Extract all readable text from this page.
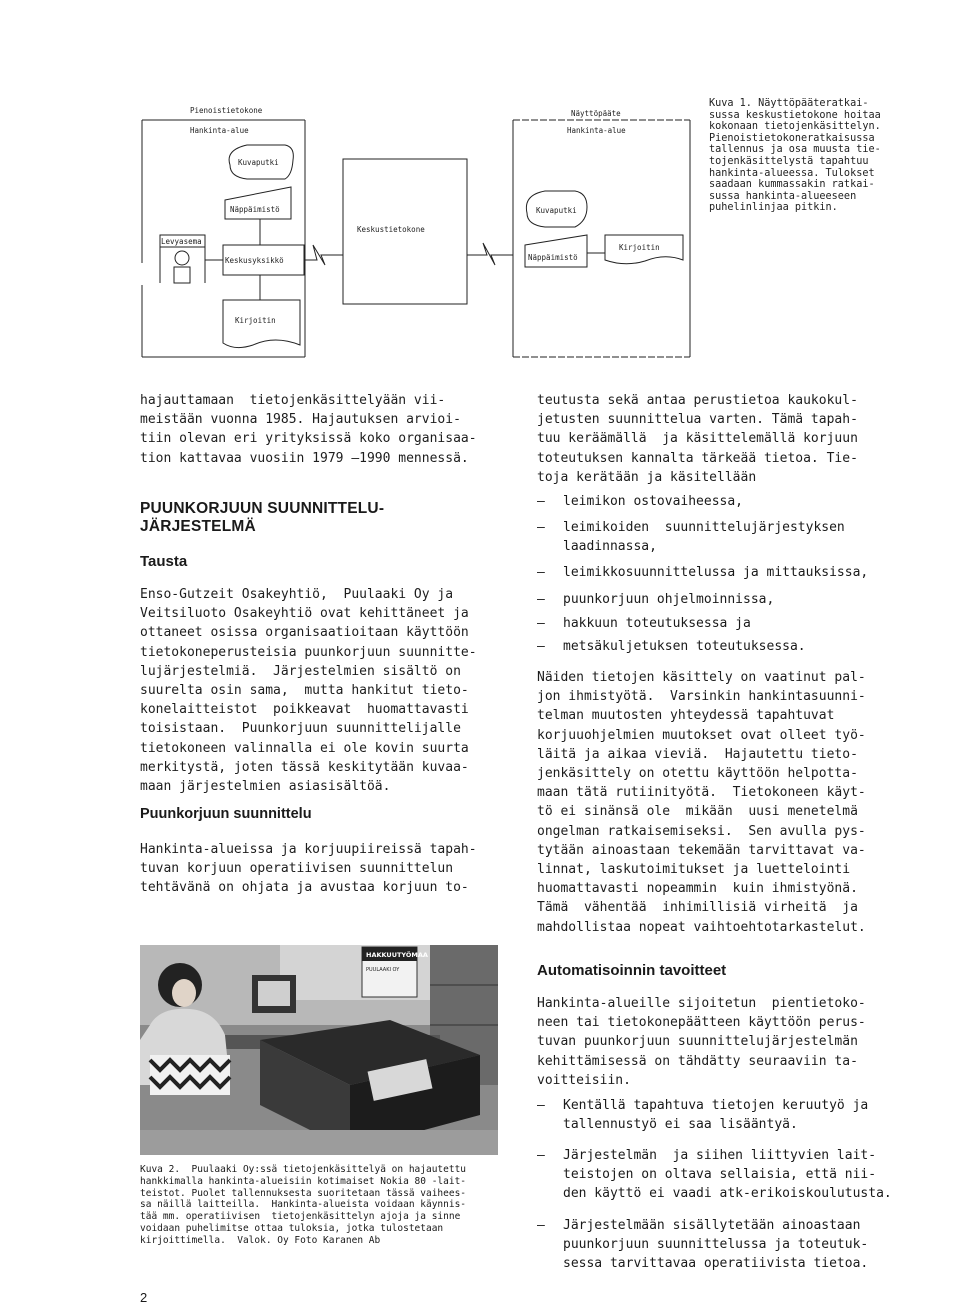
Pienoistietokone
Hankinta-alue
Kuvaputki
Näppäimistö
Levyasema
Keskusyksikkö
Kirjoitin
Keskustietokone
Näyttöpääte
Hankinta-alue
Kuvaputki
Näppäimistö
Kirjoitin
Kuva 1. Näyttöpääteratkai-
sussa keskustietokone hoitaa
kokonaan tietojenkäsittelyn.
Pienoistietokoneratkaisussa
tallennus ja osa muusta tie-
tojenkäsittelystä tapahtuu
hankinta-alueessa. Tulokset
saadaan kummassakin ratkai-
sussa hankinta-alueeseen
puhelinlinjaa pitkin.
hajauttamaan  tietojenkäsittelyään vii-
meistään vuonna 1985. Hajautuksen arvioi-
tiin olevan eri yrityksissä koko organisaa-
tion kattavaa vuosiin 1979 —1990 mennessä.
PUUNKORJUUN SUUNNITTELU-
JÄRJESTELMÄ
Tausta
Enso-Gutzeit Osakeyhtiö,  Puulaaki Oy ja
Veitsiluoto Osakeyhtiö ovat kehittäneet ja
ottaneet osissa organisaatioitaan käyttöön
tietokoneperusteisia puunkorjuun suunnitte-
lujärjestelmiä.  Järjestelmien sisältö on
suurelta osin sama,  mutta hankitut tieto-
konelaitteistot  poikkeavat  huomattavasti
toisistaan.  Puunkorjuun suunnittelijalle
tietokoneen valinnalla ei ole kovin suurta
merkitystä, joten tässä keskitytään kuvaa-
maan järjestelmien asiasisältöä.
Puunkorjuun suunnittelu
Hankinta-alueissa ja korjuupiireissä tapah-
tuvan korjuun operatiivisen suunnittelun
tehtävänä on ohjata ja avustaa korjuun to-
HAKKUUTYÖMAA
PUULAAKI OY
Kuva 2.  Puulaaki Oy:ssä tietojenkäsittelyä on hajautettu
hankkimalla hankinta-alueisiin kotimaiset Nokia 80 -lait-
teistot. Puolet tallennuksesta suoritetaan tässä vaihees-
sa näillä laitteilla.  Hankinta-alueista voidaan käynnis-
tää mm. operatiivisen  tietojenkäsittelyn ajoja ja sinne
voidaan puhelimitse ottaa tuloksia, jotka tulostetaan
kirjoittimella.  Valok. Oy Foto Karanen Ab
teutusta sekä antaa perustietoa kaukokul-
jetusten suunnittelua varten. Tämä tapah-
tuu keräämällä  ja käsittelemällä korjuun
toteutuksen kannalta tärkeää tietoa. Tie-
toja kerätään ja käsitellään

—

leimikon ostovaiheessa,

—

leimikoiden  suunnittelujärjestyksen
laadinnassa,

—

leimikkosuunnittelussa ja mittauksissa,

—

puunkorjuun ohjelmoinnissa,

—

hakkuun toteutuksessa ja

—

metsäkuljetuksen toteutuksessa.

Näiden tietojen käsittely on vaatinut pal-
jon ihmistyötä.  Varsinkin hankintasuunni-
telman muutosten yhteydessä tapahtuvat
korjuuohjelmien muutokset ovat olleet työ-
läitä ja aikaa vieviä.  Hajautettu tieto-
jenkäsittely on otettu käyttöön helpotta-
maan tätä rutiinityötä.  Tietokoneen käyt-
tö ei sinänsä ole  mikään  uusi menetelmä
ongelman ratkaisemiseksi.  Sen avulla pys-
tytään ainoastaan tekemään tarvittavat va-
linnat, laskutoimitukset ja luettelointi
huomattavasti nopeammin  kuin ihmistyönä.
Tämä  vähentää  inhimillisiä virheitä  ja
mahdollistaa nopeat vaihtoehtotarkastelut.
Automatisoinnin tavoitteet
Hankinta-alueille sijoitetun  pientietoko-
neen tai tietokonepäätteen käyttöön perus-
tuvan puunkorjuun suunnittelujärjestelmän
kehittämisessä on tähdätty seuraaviin ta-
voitteisiin.

—

Kentällä tapahtuva tietojen keruutyö ja
tallennustyö ei saa lisääntyä.

—

Järjestelmän  ja siihen liittyvien lait-
teistojen on oltava sellaisia, että nii-
den käyttö ei vaadi atk-erikoiskoulutusta.

—

Järjestelmään sisällytetään ainoastaan
puunkorjuun suunnittelussa ja toteutuk-
sessa tarvittavaa operatiivista tietoa.

2
